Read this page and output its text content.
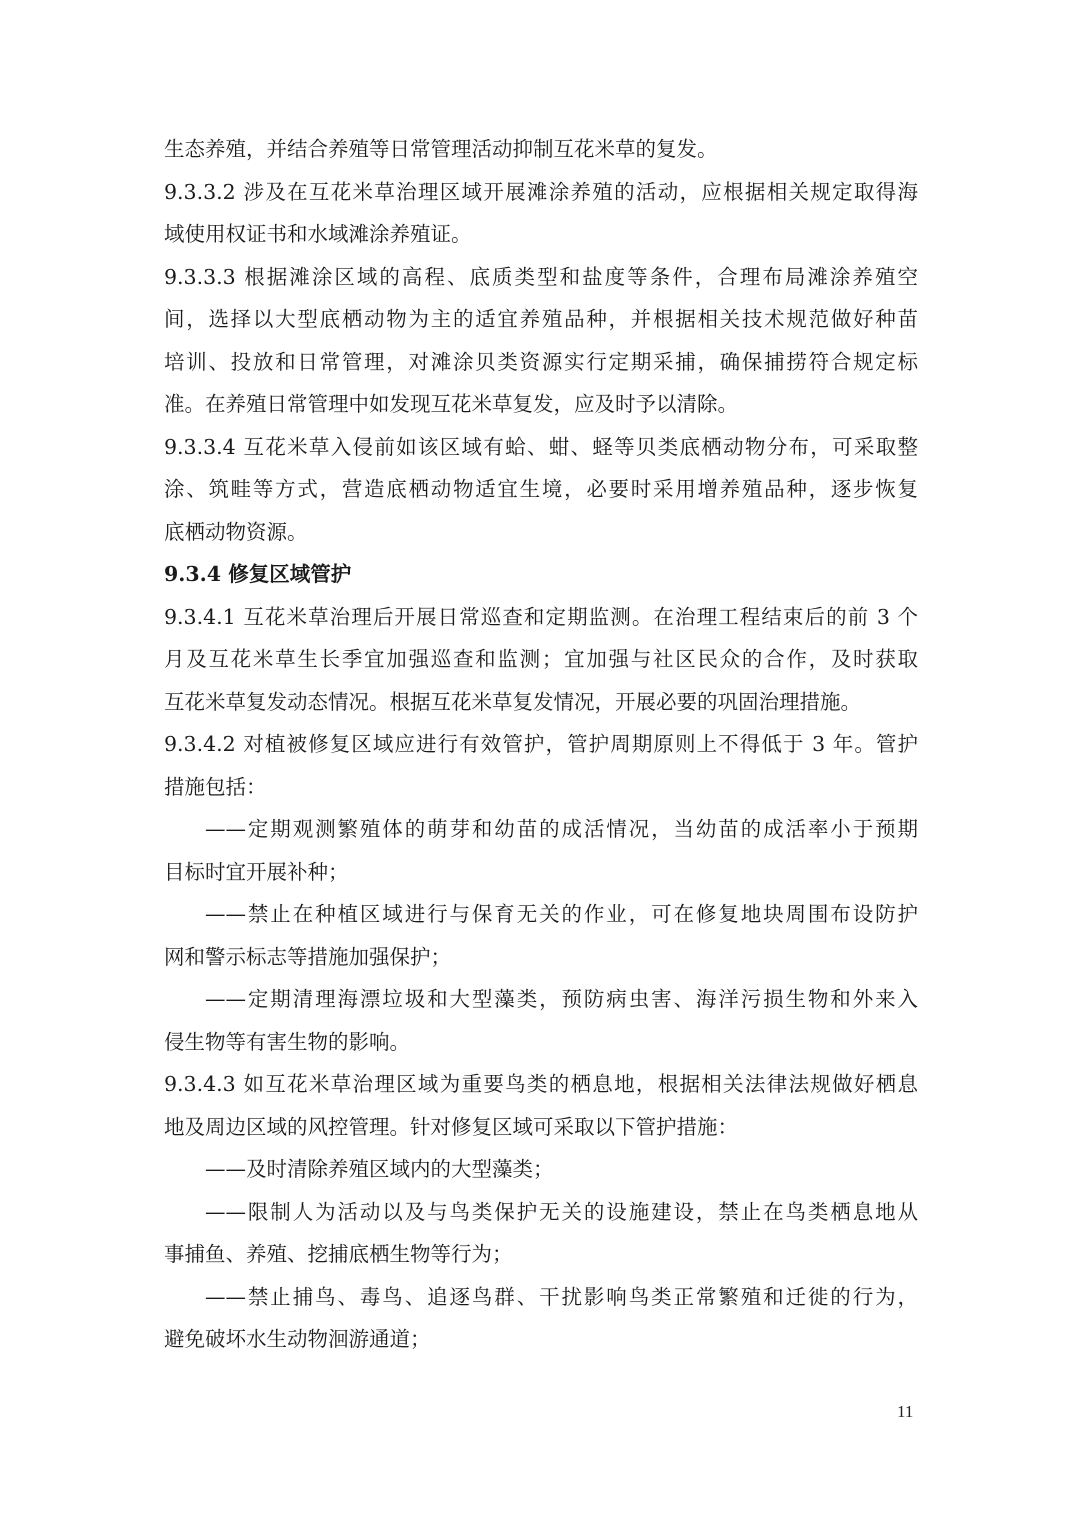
生态养殖，并结合养殖等日常管理活动抑制互花米草的复发。
9.3.3.2 涉及在互花米草治理区域开展滩涂养殖的活动，应根据相关规定取得海
域使用权证书和水域滩涂养殖证。
9.3.3.3 根据滩涂区域的高程、底质类型和盐度等条件，合理布局滩涂养殖空
间，选择以大型底栖动物为主的适宜养殖品种，并根据相关技术规范做好种苗
培训、投放和日常管理，对滩涂贝类资源实行定期采捕，确保捕捞符合规定标
准。在养殖日常管理中如发现互花米草复发，应及时予以清除。
9.3.3.4 互花米草入侵前如该区域有蛤、蚶、蛏等贝类底栖动物分布，可采取整
涂、筑畦等方式，营造底栖动物适宜生境，必要时采用增养殖品种，逐步恢复
底栖动物资源。
9.3.4 修复区域管护
9.3.4.1 互花米草治理后开展日常巡查和定期监测。在治理工程结束后的前 3 个
月及互花米草生长季宜加强巡查和监测；宜加强与社区民众的合作，及时获取
互花米草复发动态情况。根据互花米草复发情况，开展必要的巩固治理措施。
9.3.4.2 对植被修复区域应进行有效管护，管护周期原则上不得低于 3 年。管护
措施包括：
——定期观测繁殖体的萌芽和幼苗的成活情况，当幼苗的成活率小于预期
目标时宜开展补种；
——禁止在种植区域进行与保育无关的作业，可在修复地块周围布设防护
网和警示标志等措施加强保护；
——定期清理海漂垃圾和大型藻类，预防病虫害、海洋污损生物和外来入
侵生物等有害生物的影响。
9.3.4.3 如互花米草治理区域为重要鸟类的栖息地，根据相关法律法规做好栖息
地及周边区域的风控管理。针对修复区域可采取以下管护措施：
——及时清除养殖区域内的大型藻类；
——限制人为活动以及与鸟类保护无关的设施建设，禁止在鸟类栖息地从
事捕鱼、养殖、挖捕底栖生物等行为；
——禁止捕鸟、毒鸟、追逐鸟群、干扰影响鸟类正常繁殖和迁徙的行为，
避免破坏水生动物洄游通道；
11
